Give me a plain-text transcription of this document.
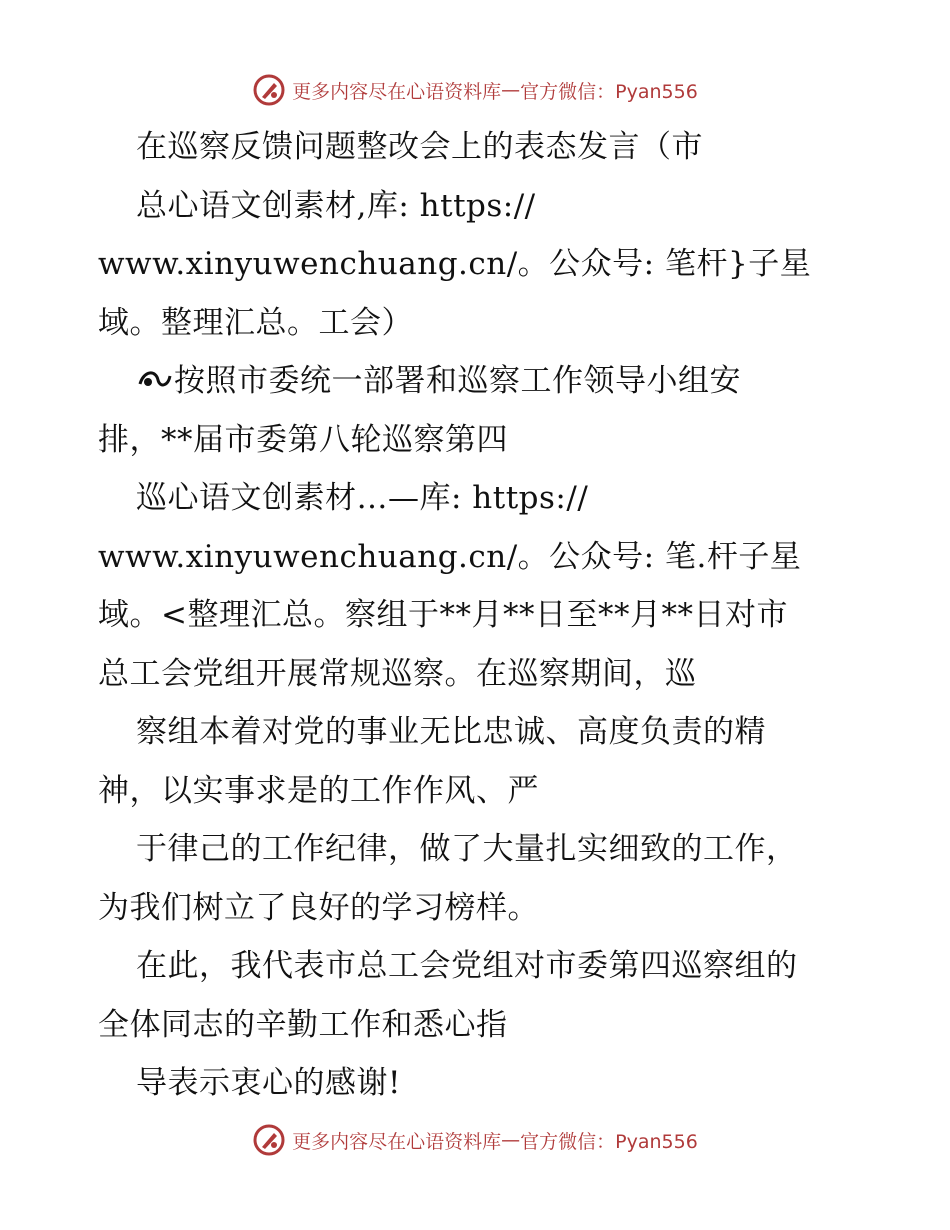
更多内容尽在心语资料库 — 官方微信：Pyan556
在巡察反馈问题整改会上的表态发言（市
总心语文创素材,库: https://
www.xinyuwenchuang.cn/。公众号: 笔杆}子星
域。整理汇总。工会）
按照市委统一部署和巡察工作领导小组安
排，**届市委第八轮巡察第四
巡心语文创素材…—库: https://
www.xinyuwenchuang.cn/。公众号: 笔.杆子星
域。<整理汇总。察组于**月**日至**月**日对市
总工会党组开展常规巡察。在巡察期间，巡
察组本着对党的事业无比忠诚、高度负责的精
神，以实事求是的工作作风、严
于律己的工作纪律，做了大量扎实细致的工作，
为我们树立了良好的学习榜样。
在此，我代表市总工会党组对市委第四巡察组的
全体同志的辛勤工作和悉心指
导表示衷心的感谢!
更多内容尽在心语资料库 — 官方微信：Pyan556
